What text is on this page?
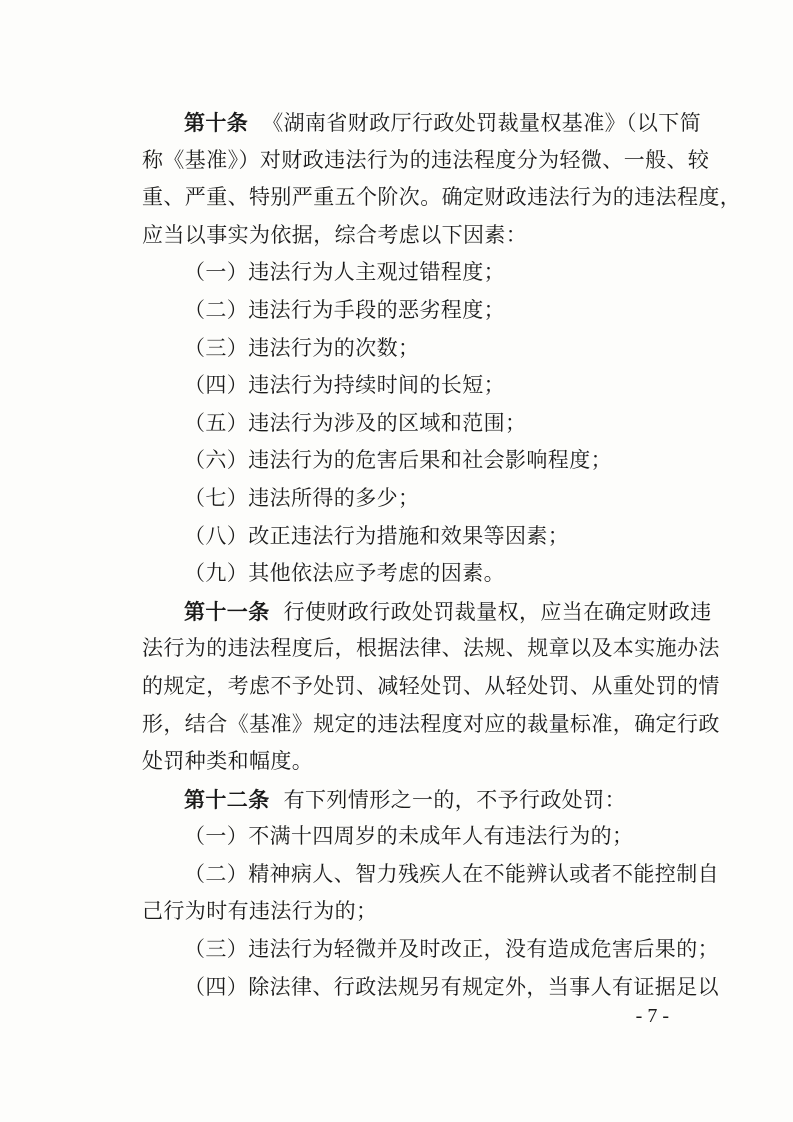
第十条 《湖南省财政厅行政处罚裁量权基准》（以下简
称《基准》）对财政违法行为的违法程度分为轻微、一般、较
重、严重、特别严重五个阶次。确定财政违法行为的违法程度，
应当以事实为依据，综合考虑以下因素：
（一）违法行为人主观过错程度；
（二）违法行为手段的恶劣程度；
（三）违法行为的次数；
（四）违法行为持续时间的长短；
（五）违法行为涉及的区域和范围；
（六）违法行为的危害后果和社会影响程度；
（七）违法所得的多少；
（八）改正违法行为措施和效果等因素；
（九）其他依法应予考虑的因素。
第十一条 行使财政行政处罚裁量权，应当在确定财政违
法行为的违法程度后，根据法律、法规、规章以及本实施办法
的规定，考虑不予处罚、减轻处罚、从轻处罚、从重处罚的情
形，结合《基准》规定的违法程度对应的裁量标准，确定行政
处罚种类和幅度。
第十二条 有下列情形之一的，不予行政处罚：
（一）不满十四周岁的未成年人有违法行为的；
（二）精神病人、智力残疾人在不能辨认或者不能控制自
己行为时有违法行为的；
（三）违法行为轻微并及时改正，没有造成危害后果的；
（四）除法律、行政法规另有规定外，当事人有证据足以
- 7 -
